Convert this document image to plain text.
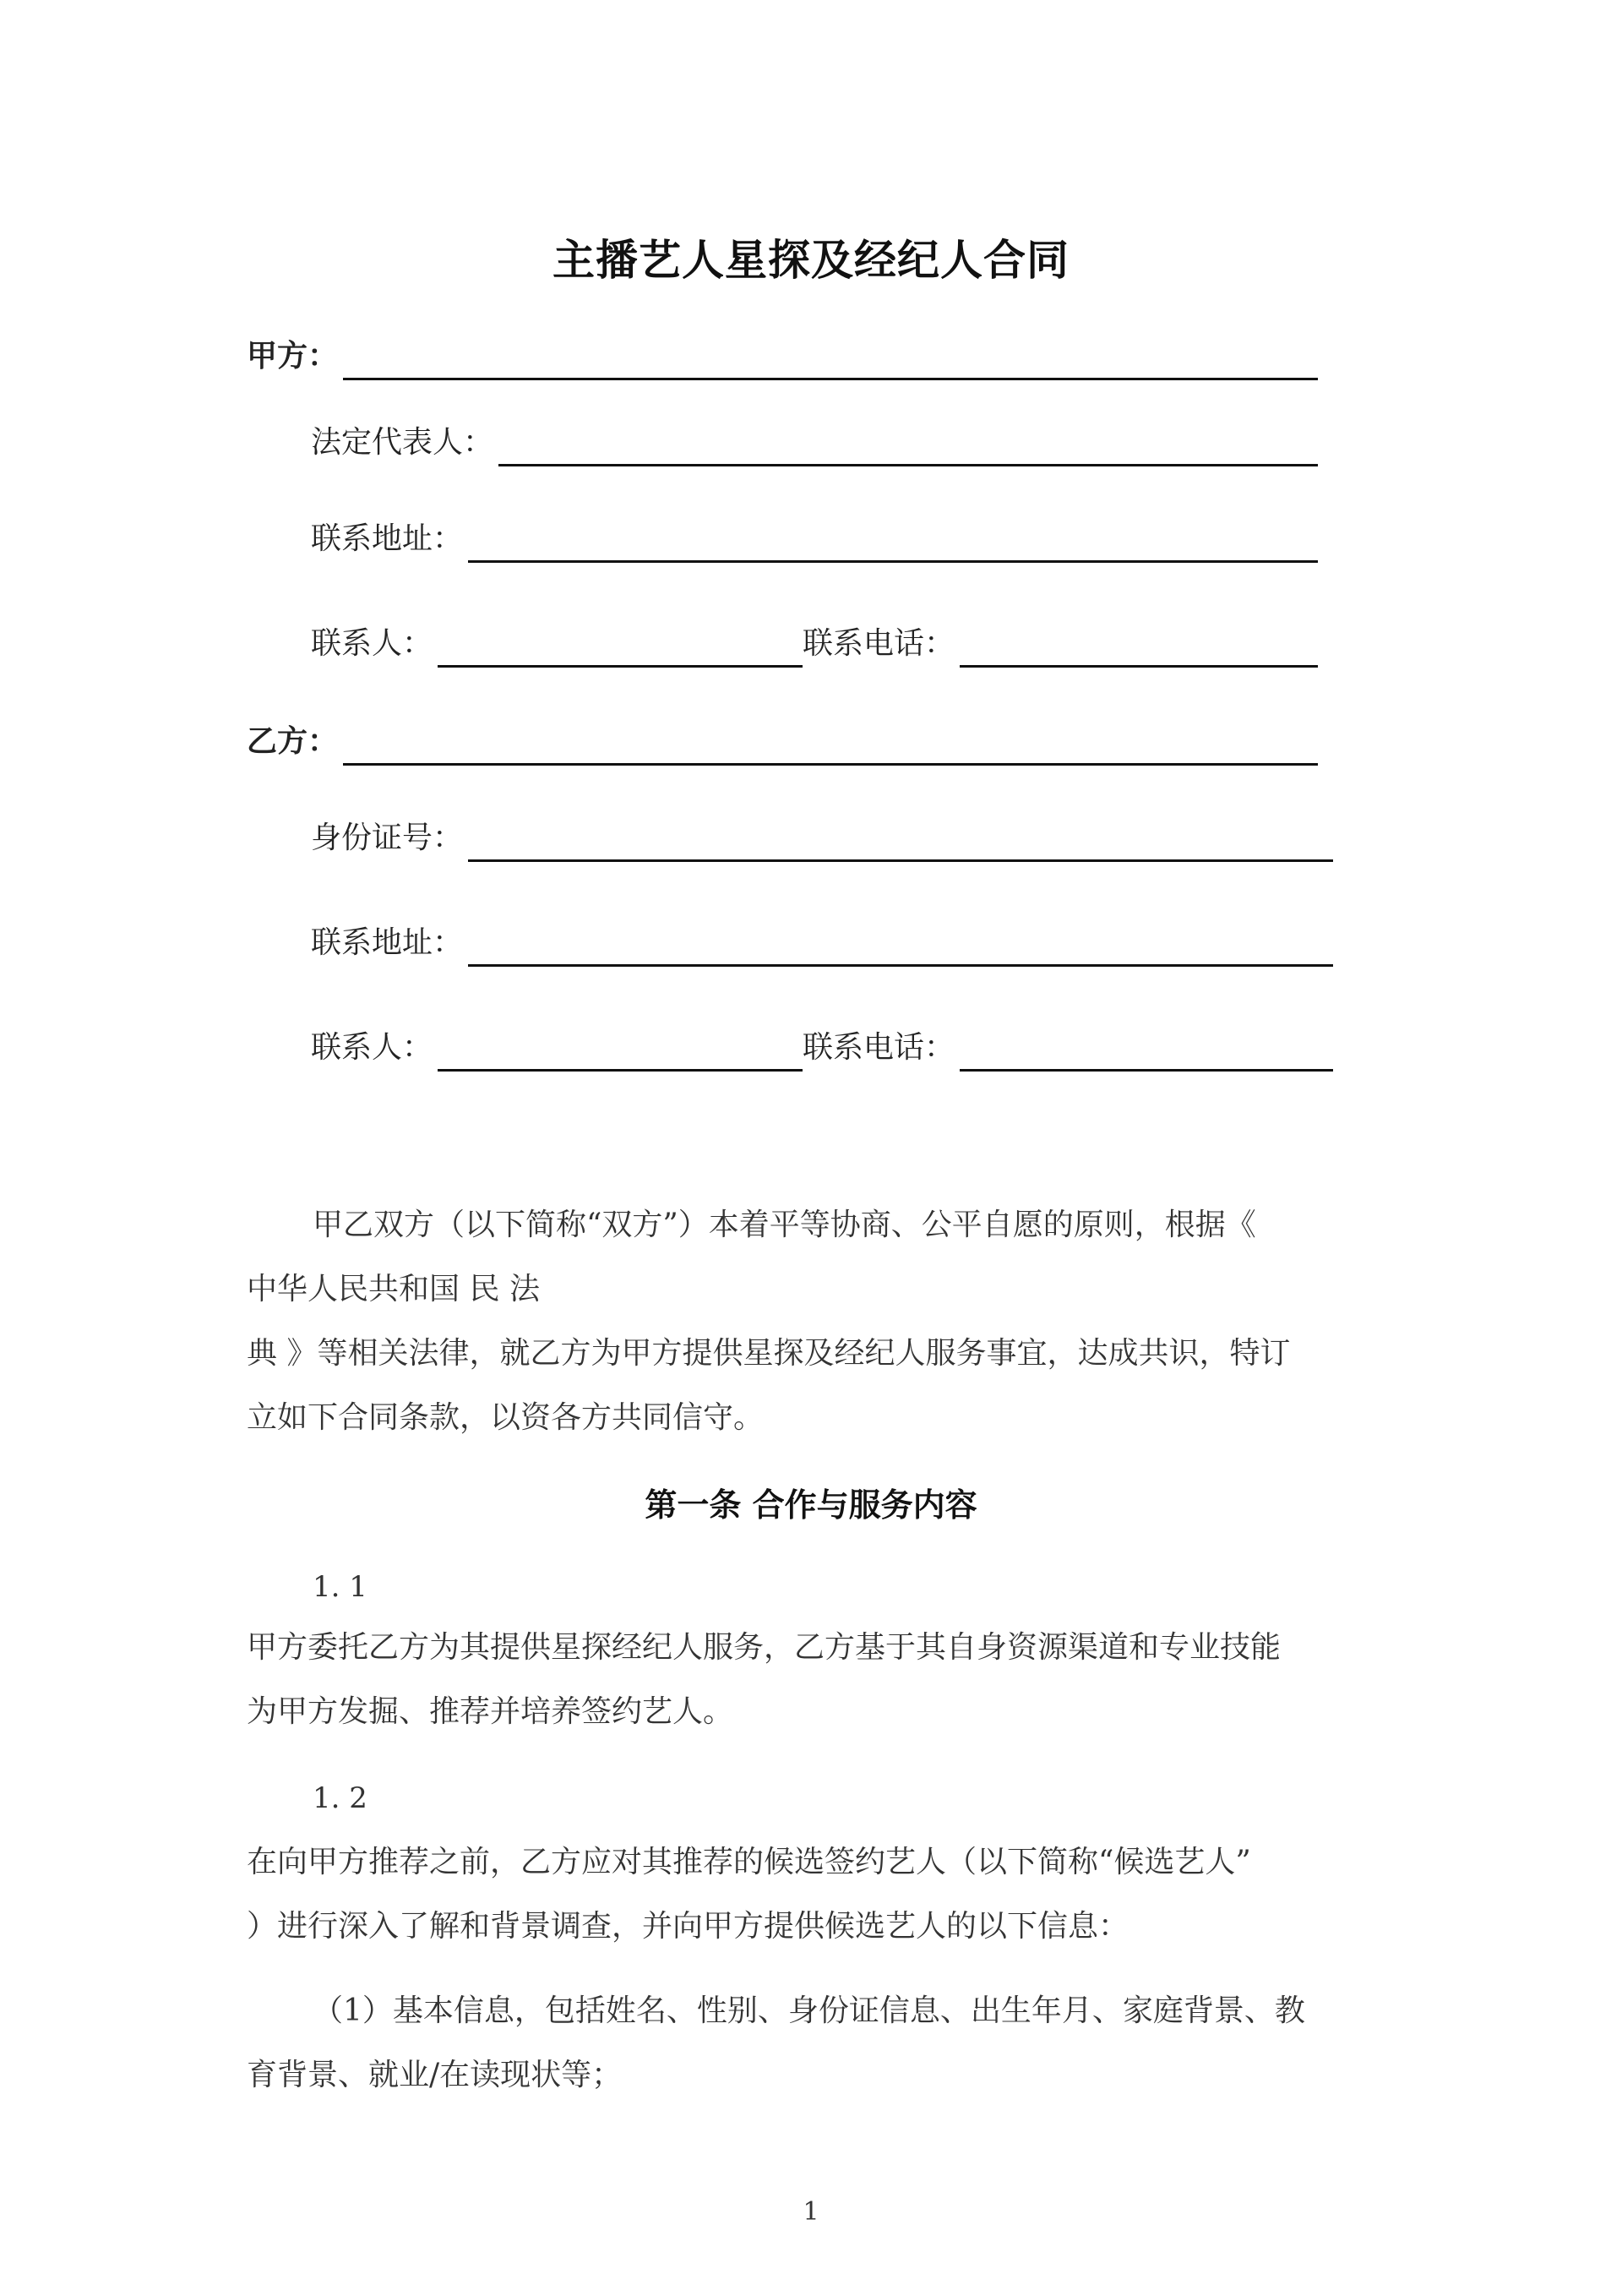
主播艺人星探及经纪人合同
甲方：
法定代表人：
联系地址：
联系人：	联系电话：
乙方：
身份证号：
联系地址：
联系人：	联系电话：
甲乙双方（以下简称“双方”）本着平等协商、公平自愿的原则，根据《
中华人民共和国 民 法
典 》等相关法律，就乙方为甲方提供星探及经纪人服务事宜，达成共识，特订
立如下合同条款，以资各方共同信守。
第一条 合作与服务内容
1. 1
甲方委托乙方为其提供星探经纪人服务，乙方基于其自身资源渠道和专业技能
为甲方发掘、推荐并培养签约艺人。
1. 2
在向甲方推荐之前，乙方应对其推荐的候选签约艺人（以下简称“候选艺人”
）进行深入了解和背景调查，并向甲方提供候选艺人的以下信息：
（1）基本信息，包括姓名、性别、身份证信息、出生年月、家庭背景、教
育背景、就业/在读现状等；
1
